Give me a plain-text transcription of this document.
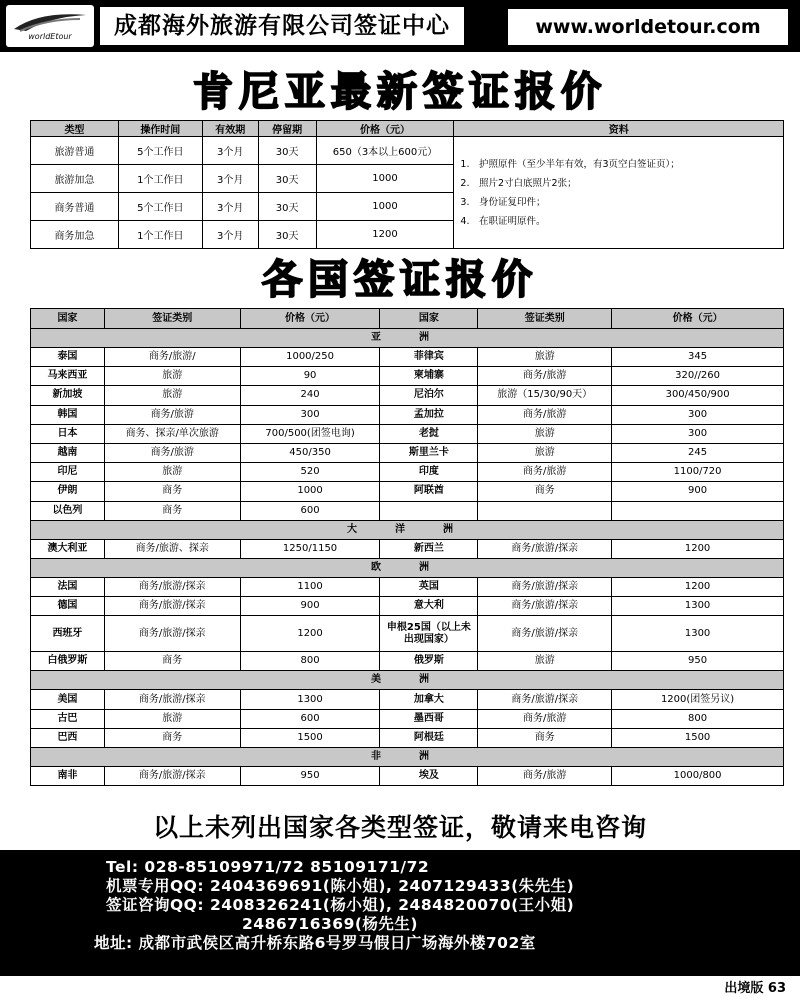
worldEtour	成都海外旅游有限公司签证中心	www.worldetour.com
肯尼亚最新签证报价
类型	操作时间	有效期	停留期	价格（元）	资料
旅游普通	5个工作日	3个月	30天	650（3本以上600元）	1.　护照原件（至少半年有效，有3页空白签证页）；
2.　照片2寸白底照片2张；
3.　身份证复印件；
4.　在职证明原件。

旅游加急	1个工作日	3个月	30天	1000	
商务普通	5个工作日	3个月	30天	1000	
商务加急	1个工作日	3个月	30天	1200	
各国签证报价
国家	签证类别	价格（元）	国家	签证类别	价格（元）
亚　洲					
泰国	商务/旅游/	1000/250	菲律宾	旅游	345
马来西亚	旅游	90	柬埔寨	商务/旅游	320//260
新加坡	旅游	240	尼泊尔	旅游（15/30/90天）	300/450/900
韩国	商务/旅游	300	孟加拉	商务/旅游	300
日本	商务、探亲/单次旅游	700/500(团签电询)	老挝	旅游	300
越南	商务/旅游	450/350	斯里兰卡	旅游	245
印尼	旅游	520	印度	商务/旅游	1100/720
伊朗	商务	1000	阿联酋	商务	900
以色列	商务	600			
大　洋　洲					
澳大利亚	商务/旅游、探亲	1250/1150	新西兰	商务/旅游/探亲	1200
欧　洲					
法国	商务/旅游/探亲	1100	英国	商务/旅游/探亲	1200
德国	商务/旅游/探亲	900	意大利	商务/旅游/探亲	1300
西班牙	商务/旅游/探亲	1200	申根25国（以上未出现国家）	商务/旅游/探亲	1300
白俄罗斯	商务	800	俄罗斯	旅游	950
美　洲					
美国	商务/旅游/探亲	1300	加拿大	商务/旅游/探亲	1200(团签另议)
古巴	旅游	600	墨西哥	商务/旅游	800
巴西	商务	1500	阿根廷	商务	1500
非　洲					
南非	商务/旅游/探亲	950	埃及	商务/旅游	1000/800
以上未列出国家各类型签证，敬请来电咨询
Tel: 028-85109971/72 85109171/72
机票专用QQ: 2404369691(陈小姐), 2407129433(朱先生)
签证咨询QQ: 2408326241(杨小姐), 2484820070(王小姐)
2486716369(杨先生)
地址: 成都市武侯区高升桥东路6号罗马假日广场海外楼702室
出境版 63
